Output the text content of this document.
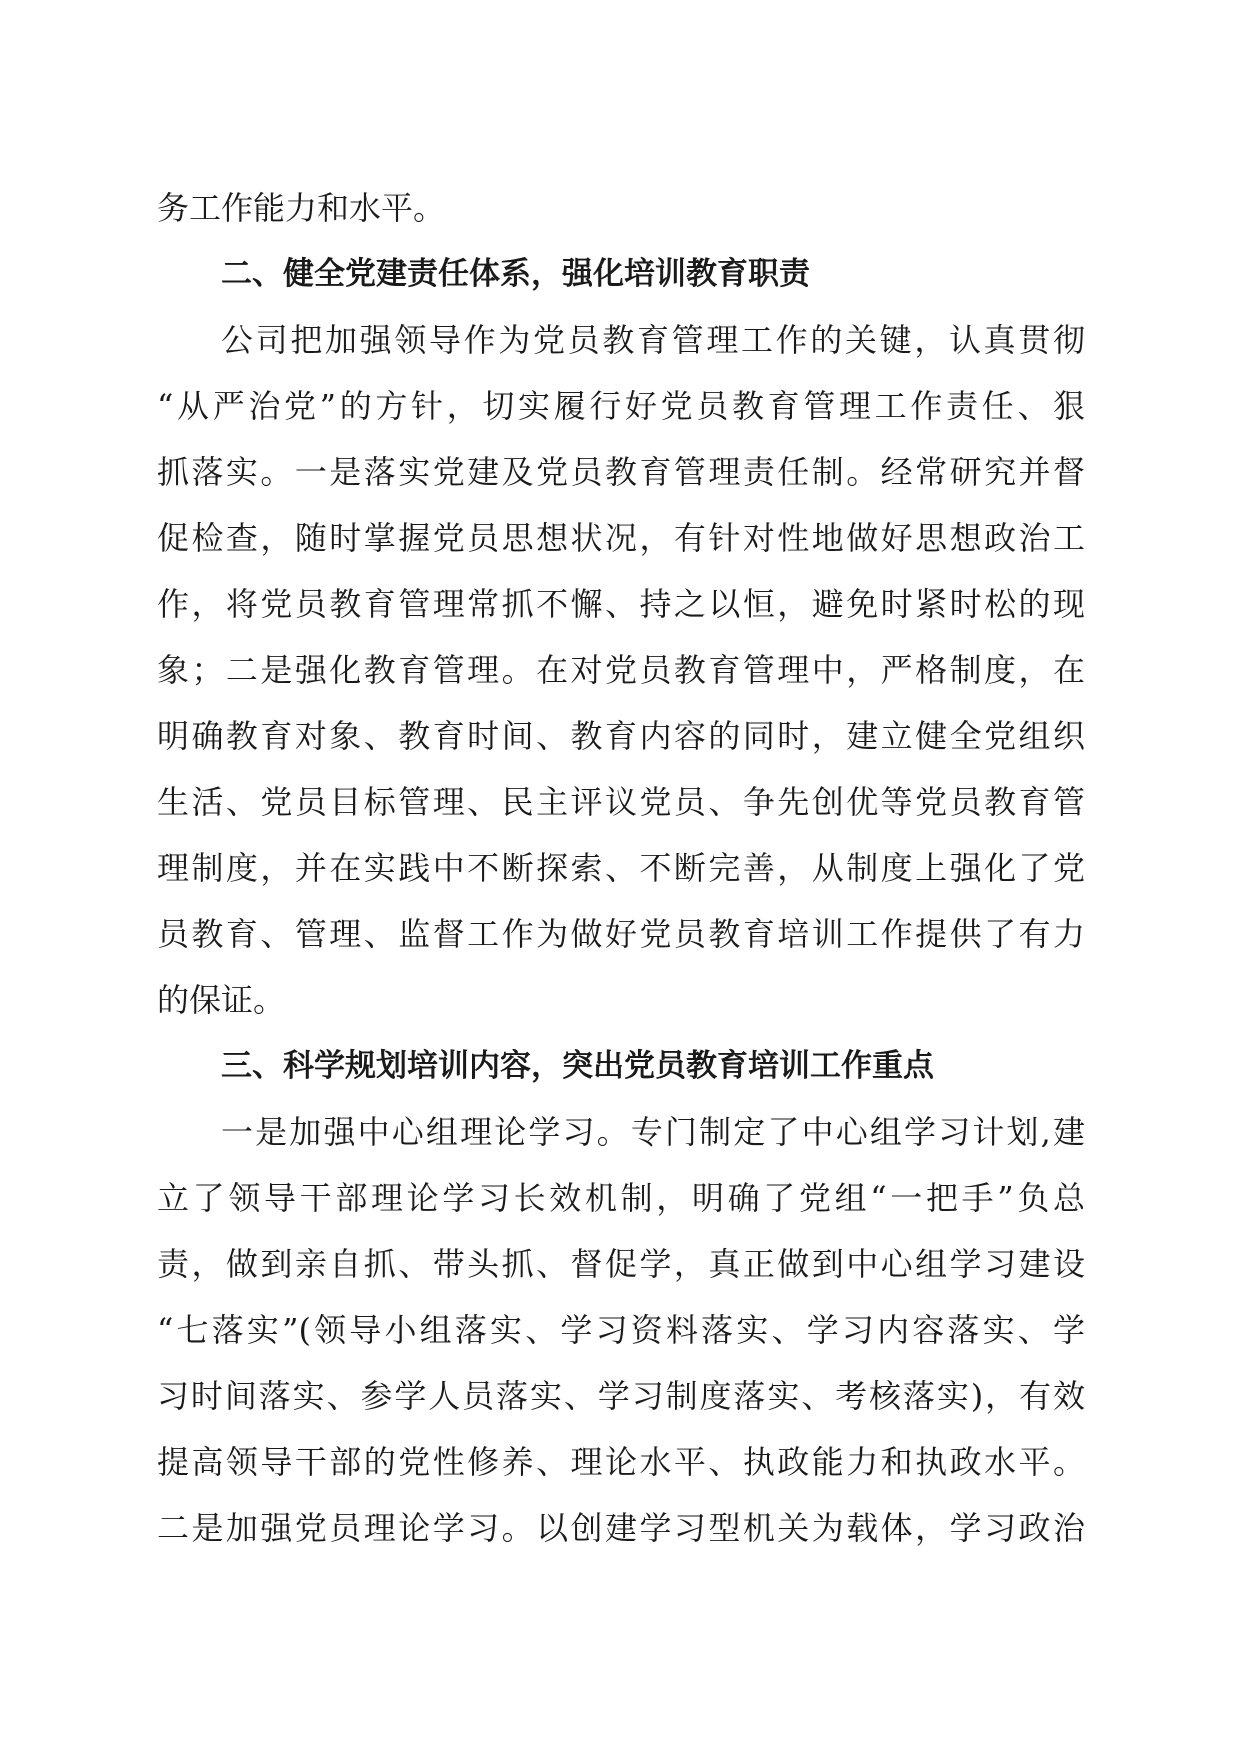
务工作能力和水平。
二、健全党建责任体系，强化培训教育职责
公司把加强领导作为党员教育管理工作的关键，认真贯彻
“从严治党”的方针，切实履行好党员教育管理工作责任、狠
抓落实。一是落实党建及党员教育管理责任制。经常研究并督
促检查，随时掌握党员思想状况，有针对性地做好思想政治工
作，将党员教育管理常抓不懈、持之以恒，避免时紧时松的现
象；二是强化教育管理。在对党员教育管理中，严格制度，在
明确教育对象、教育时间、教育内容的同时，建立健全党组织
生活、党员目标管理、民主评议党员、争先创优等党员教育管
理制度，并在实践中不断探索、不断完善，从制度上强化了党
员教育、管理、监督工作为做好党员教育培训工作提供了有力
的保证。
三、科学规划培训内容，突出党员教育培训工作重点
一是加强中心组理论学习。专门制定了中心组学习计划,建
立了领导干部理论学习长效机制，明确了党组“一把手”负总
责，做到亲自抓、带头抓、督促学，真正做到中心组学习建设
“七落实”(领导小组落实、学习资料落实、学习内容落实、学
习时间落实、参学人员落实、学习制度落实、考核落实)，有效
提高领导干部的党性修养、理论水平、执政能力和执政水平。
二是加强党员理论学习。以创建学习型机关为载体，学习政治
